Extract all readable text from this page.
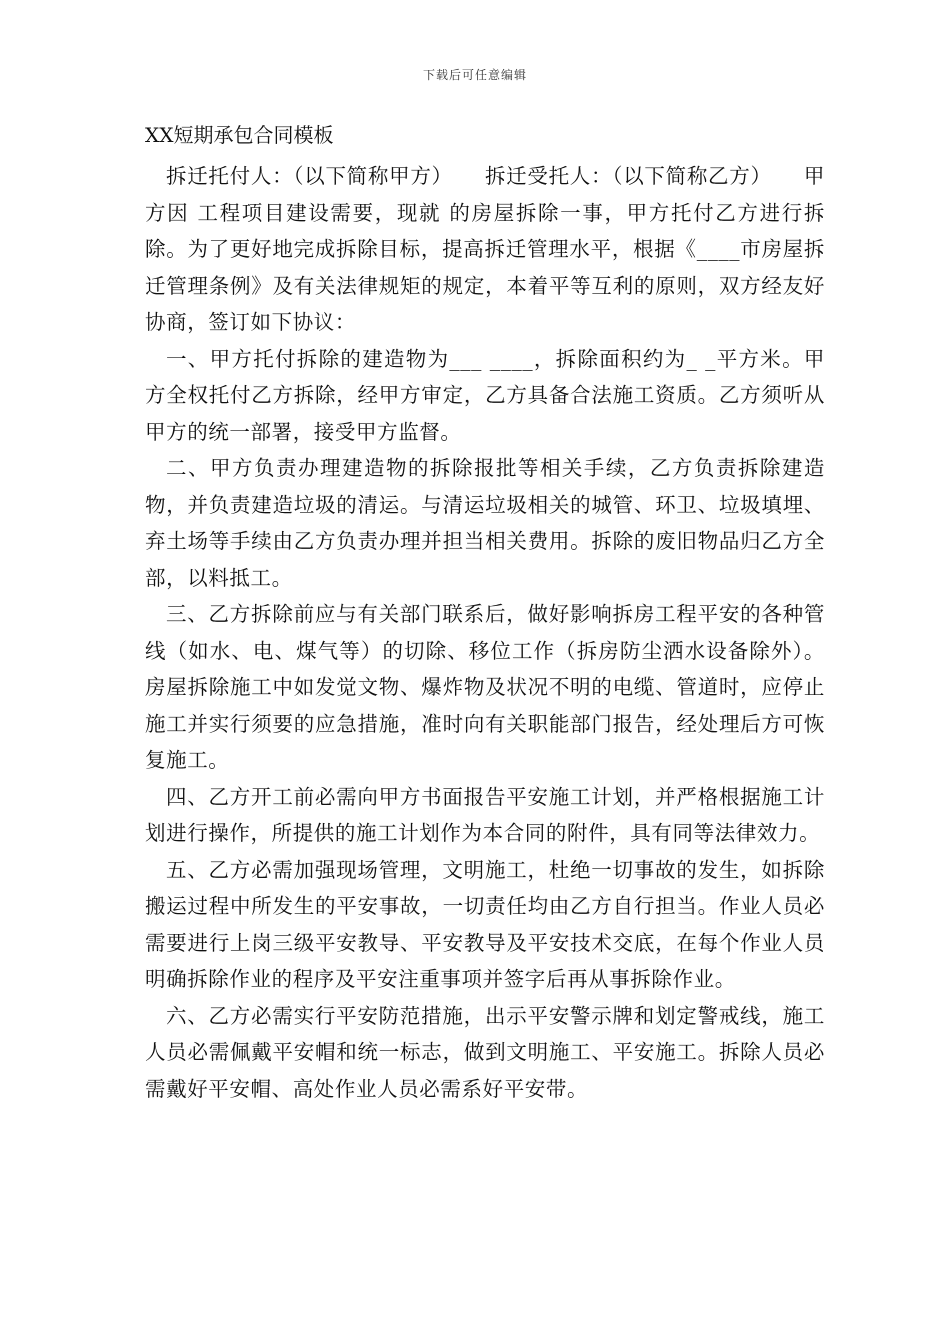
下载后可任意编辑
XX短期承包合同模板

拆迁托付人：（以下简称甲方）　　拆迁受托人：（以下简称乙方）　　甲方因 工程项目建设需要，现就 的房屋拆除一事，甲方托付乙方进行拆除。为了更好地完成拆除目标，提高拆迁管理水平，根据《____市房屋拆迁管理条例》及有关法律规矩的规定，本着平等互利的原则，双方经友好协商，签订如下协议：

一、甲方托付拆除的建造物为___ ____，拆除面积约为_ _平方米。甲方全权托付乙方拆除，经甲方审定，乙方具备合法施工资质。乙方须听从甲方的统一部署，接受甲方监督。

二、甲方负责办理建造物的拆除报批等相关手续，乙方负责拆除建造物，并负责建造垃圾的清运。与清运垃圾相关的城管、环卫、垃圾填埋、弃土场等手续由乙方负责办理并担当相关费用。拆除的废旧物品归乙方全部，以料抵工。

三、乙方拆除前应与有关部门联系后，做好影响拆房工程平安的各种管线（如水、电、煤气等）的切除、移位工作（拆房防尘洒水设备除外）。房屋拆除施工中如发觉文物、爆炸物及状况不明的电缆、管道时，应停止施工并实行须要的应急措施，准时向有关职能部门报告，经处理后方可恢复施工。

四、乙方开工前必需向甲方书面报告平安施工计划，并严格根据施工计划进行操作，所提供的施工计划作为本合同的附件，具有同等法律效力。

五、乙方必需加强现场管理，文明施工，杜绝一切事故的发生，如拆除搬运过程中所发生的平安事故，一切责任均由乙方自行担当。作业人员必需要进行上岗三级平安教导、平安教导及平安技术交底，在每个作业人员明确拆除作业的程序及平安注重事项并签字后再从事拆除作业。

六、乙方必需实行平安防范措施，出示平安警示牌和划定警戒线，施工人员必需佩戴平安帽和统一标志，做到文明施工、平安施工。拆除人员必需戴好平安帽、高处作业人员必需系好平安带。
